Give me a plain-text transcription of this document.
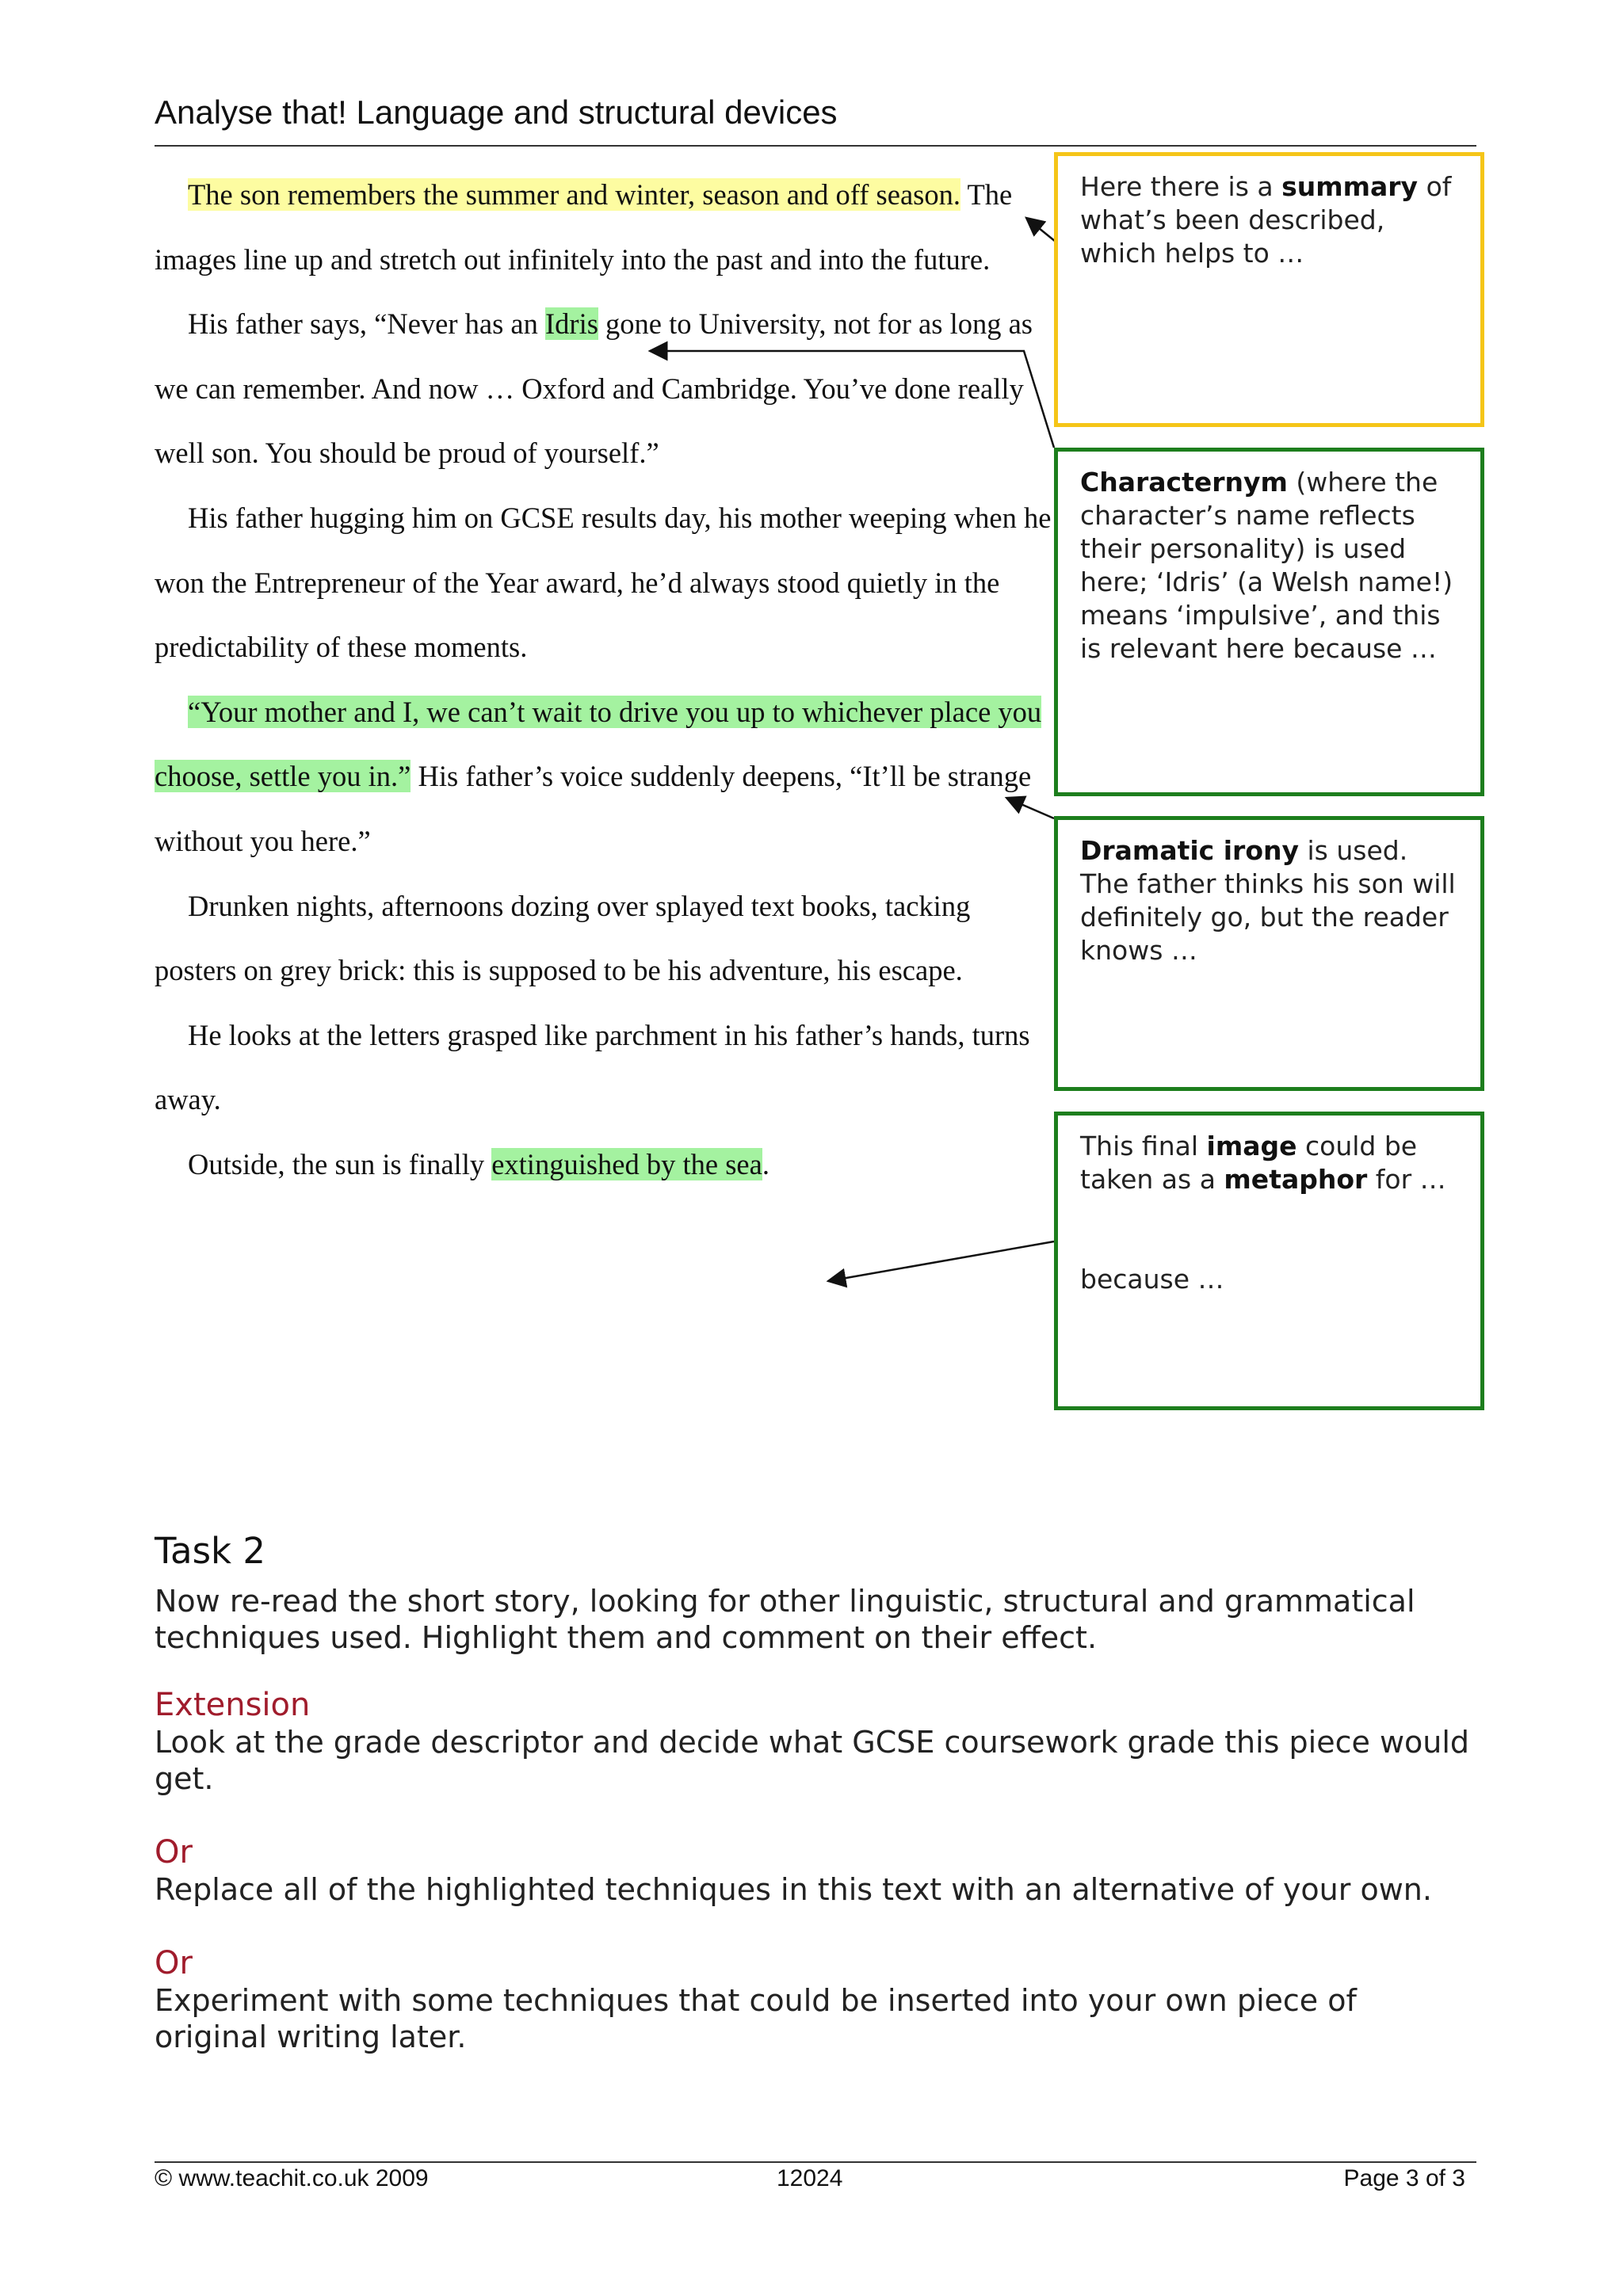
Analyse that! Language and structural devices

The son remembers the summer and winter, season and off season. The images line up and stretch out infinitely into the past and into the future.

His father says, “Never has an Idris gone to University, not for as long as we can remember. And now … Oxford and Cambridge. You’ve done really well son. You should be proud of yourself.”

His father hugging him on GCSE results day, his mother weeping when he won the Entrepreneur of the Year award, he’d always stood quietly in the predictability of these moments.

“Your mother and I, we can’t wait to drive you up to whichever place you choose, settle you in.” His father’s voice suddenly deepens, “It’ll be strange without you here.”

Drunken nights, afternoons dozing over splayed text books, tacking posters on grey brick: this is supposed to be his adventure, his escape.

He looks at the letters grasped like parchment in his father’s hands, turns away.

Outside, the sun is finally extinguished by the sea.

Here there is a summary of what’s been described, which helps to …

Characternym (where the character’s name reflects their personality) is used here; ‘Idris’ (a Welsh name!) means ‘impulsive’, and this is relevant here because …

Dramatic irony is used. The father thinks his son will definitely go, but the reader knows …

This final image could be taken as a metaphor for …

because …

Task 2

Now re-read the short story, looking for other linguistic, structural and grammatical techniques used. Highlight them and comment on their effect.

Extension

Look at the grade descriptor and decide what GCSE coursework grade this piece would get.

Or

Replace all of the highlighted techniques in this text with an alternative of your own.

Or

Experiment with some techniques that could be inserted into your own piece of original writing later.

© www.teachit.co.uk 2009	12024	Page 3 of 3
